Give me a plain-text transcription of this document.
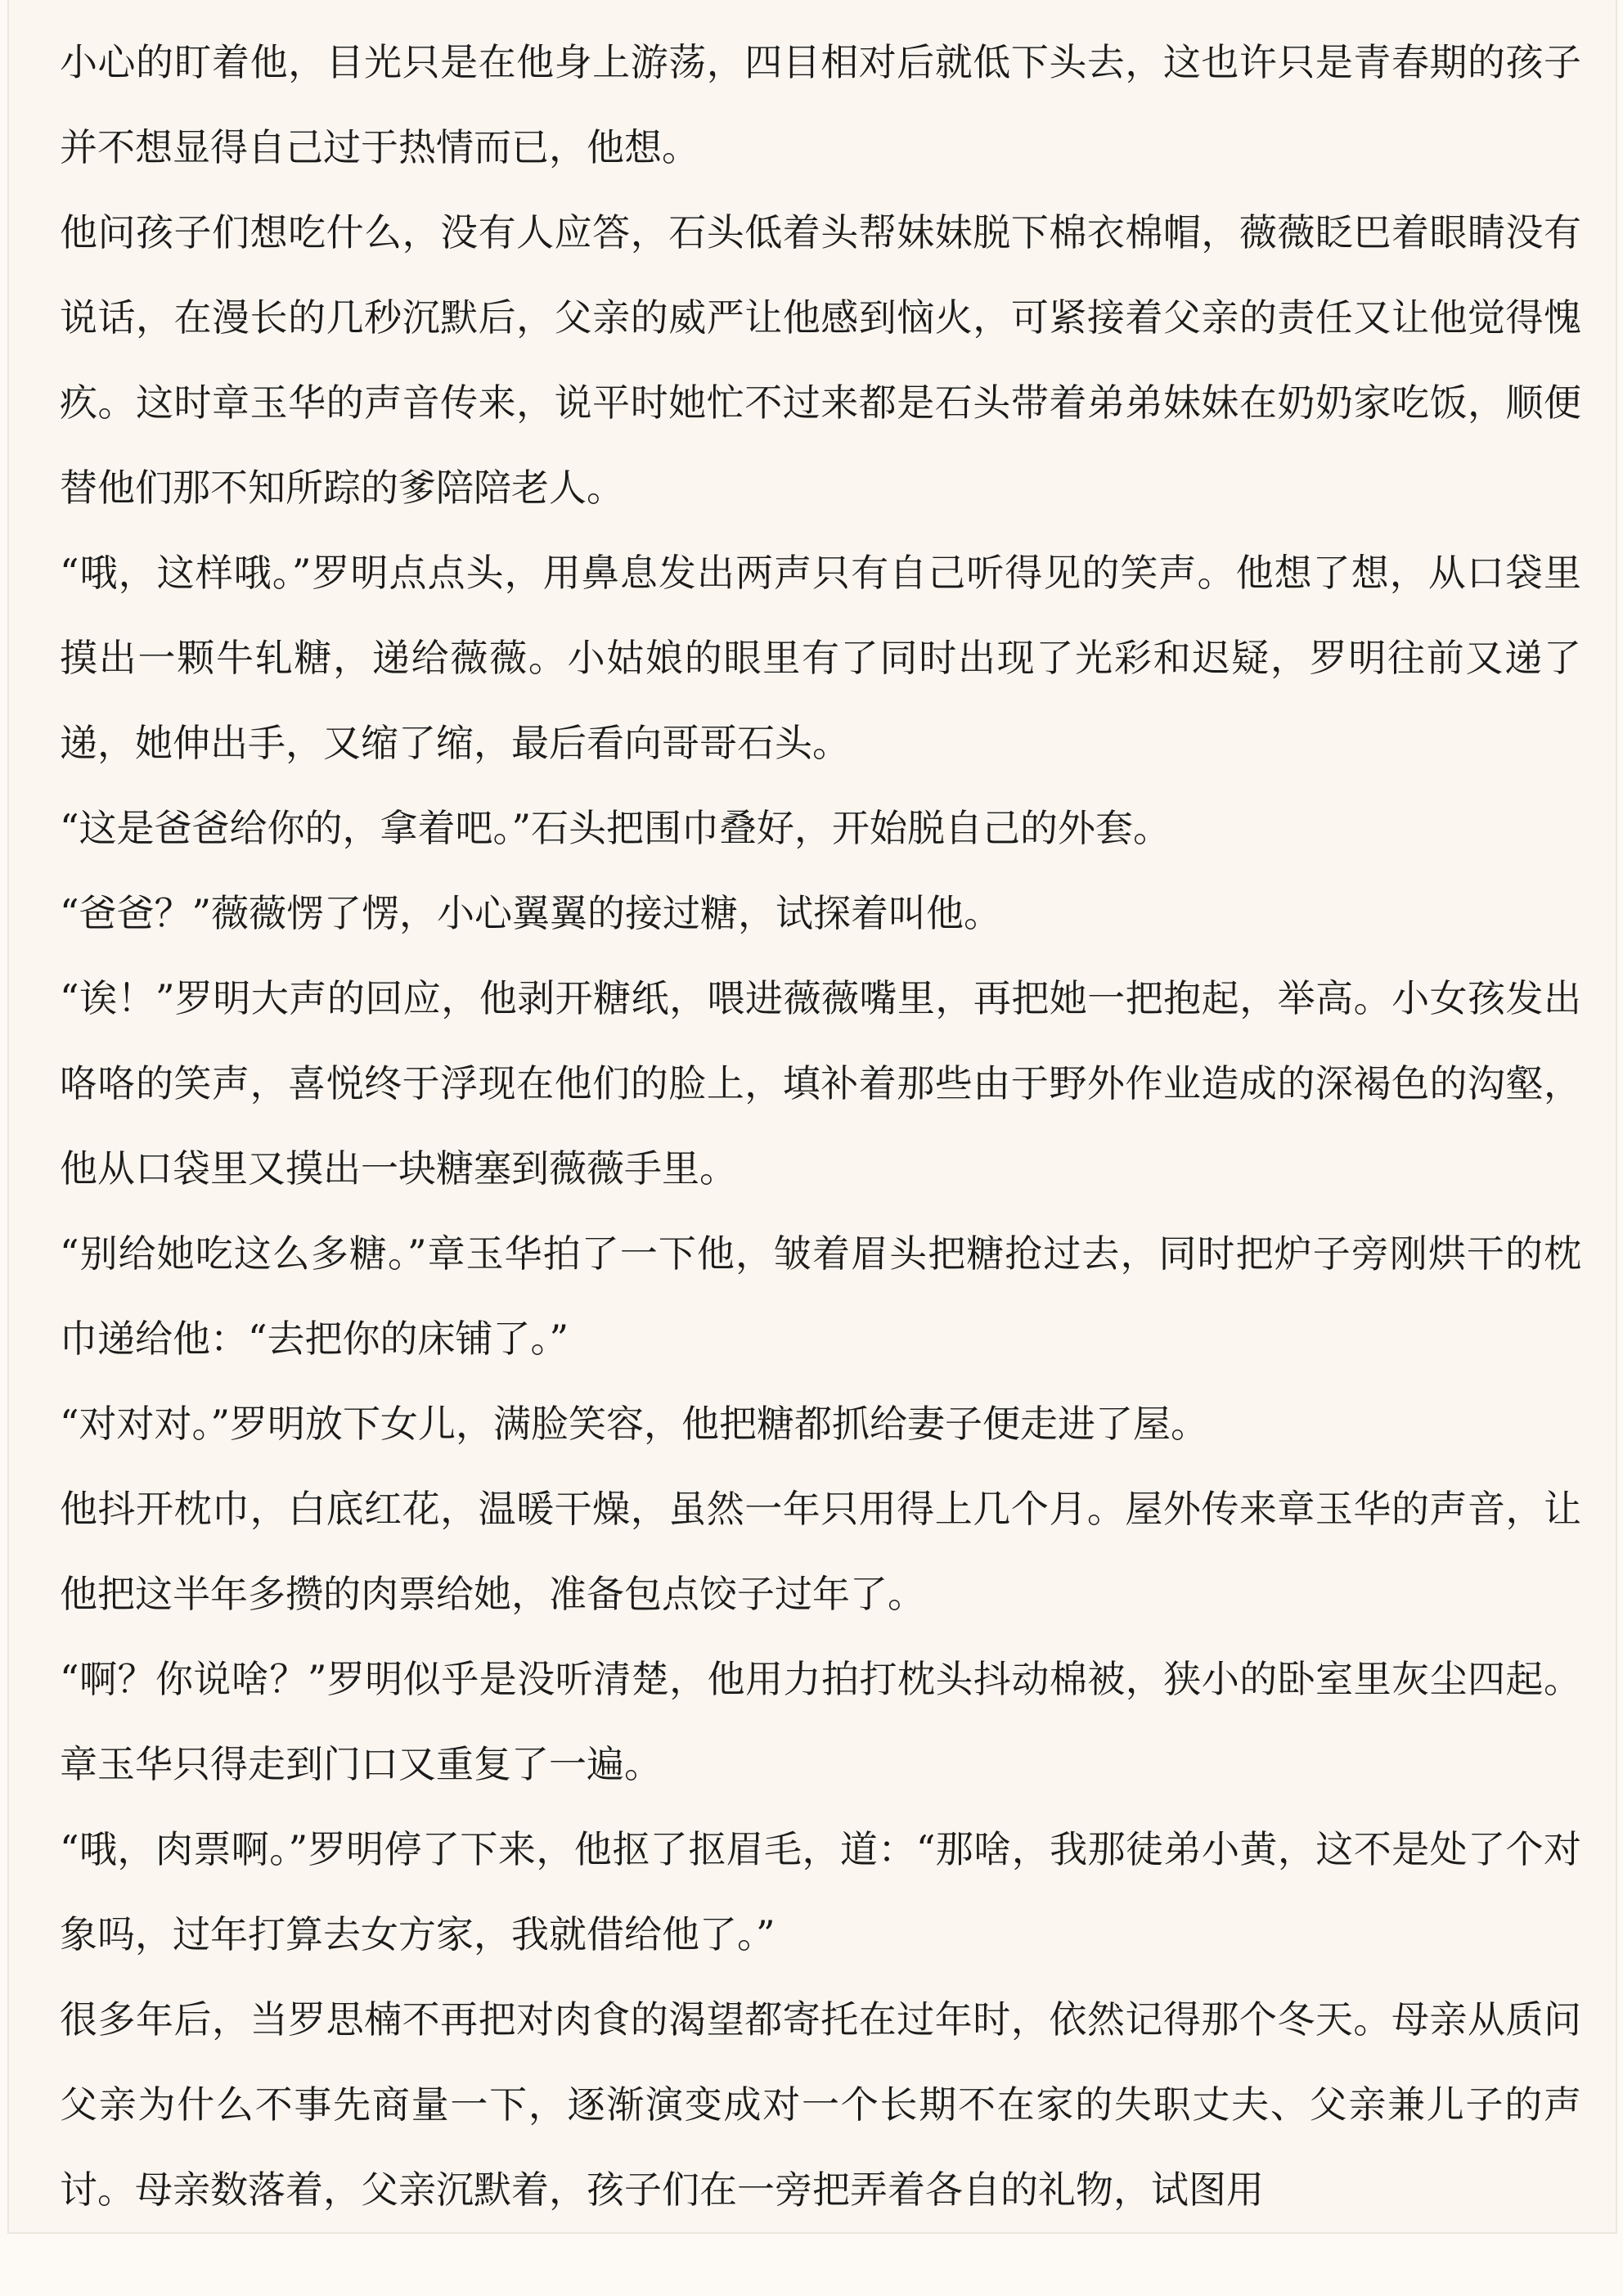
小心的盯着他，目光只是在他身上游荡，四目相对后就低下头去，这也许只是青春期的孩子并不想显得自己过于热情而已，他想。

他问孩子们想吃什么，没有人应答，石头低着头帮妹妹脱下棉衣棉帽，薇薇眨巴着眼睛没有说话，在漫长的几秒沉默后，父亲的威严让他感到恼火，可紧接着父亲的责任又让他觉得愧疚。这时章玉华的声音传来，说平时她忙不过来都是石头带着弟弟妹妹在奶奶家吃饭，顺便替他们那不知所踪的爹陪陪老人。

“哦，这样哦。”罗明点点头，用鼻息发出两声只有自己听得见的笑声。他想了想，从口袋里摸出一颗牛轧糖，递给薇薇。小姑娘的眼里有了同时出现了光彩和迟疑，罗明往前又递了递，她伸出手，又缩了缩，最后看向哥哥石头。

“这是爸爸给你的，拿着吧。”石头把围巾叠好，开始脱自己的外套。

“爸爸？”薇薇愣了愣，小心翼翼的接过糖，试探着叫他。

“诶！”罗明大声的回应，他剥开糖纸，喂进薇薇嘴里，再把她一把抱起，举高。小女孩发出咯咯的笑声，喜悦终于浮现在他们的脸上，填补着那些由于野外作业造成的深褐色的沟壑，他从口袋里又摸出一块糖塞到薇薇手里。

“别给她吃这么多糖。”章玉华拍了一下他，皱着眉头把糖抢过去，同时把炉子旁刚烘干的枕巾递给他：“去把你的床铺了。”

“对对对。”罗明放下女儿，满脸笑容，他把糖都抓给妻子便走进了屋。

他抖开枕巾，白底红花，温暖干燥，虽然一年只用得上几个月。屋外传来章玉华的声音，让他把这半年多攒的肉票给她，准备包点饺子过年了。

“啊？你说啥？”罗明似乎是没听清楚，他用力拍打枕头抖动棉被，狭小的卧室里灰尘四起。章玉华只得走到门口又重复了一遍。

“哦，肉票啊。”罗明停了下来，他抠了抠眉毛，道：“那啥，我那徒弟小黄，这不是处了个对象吗，过年打算去女方家，我就借给他了。”

很多年后，当罗思楠不再把对肉食的渴望都寄托在过年时，依然记得那个冬天。母亲从质问父亲为什么不事先商量一下，逐渐演变成对一个长期不在家的失职丈夫、父亲兼儿子的声讨。母亲数落着，父亲沉默着，孩子们在一旁把弄着各自的礼物，试图用
